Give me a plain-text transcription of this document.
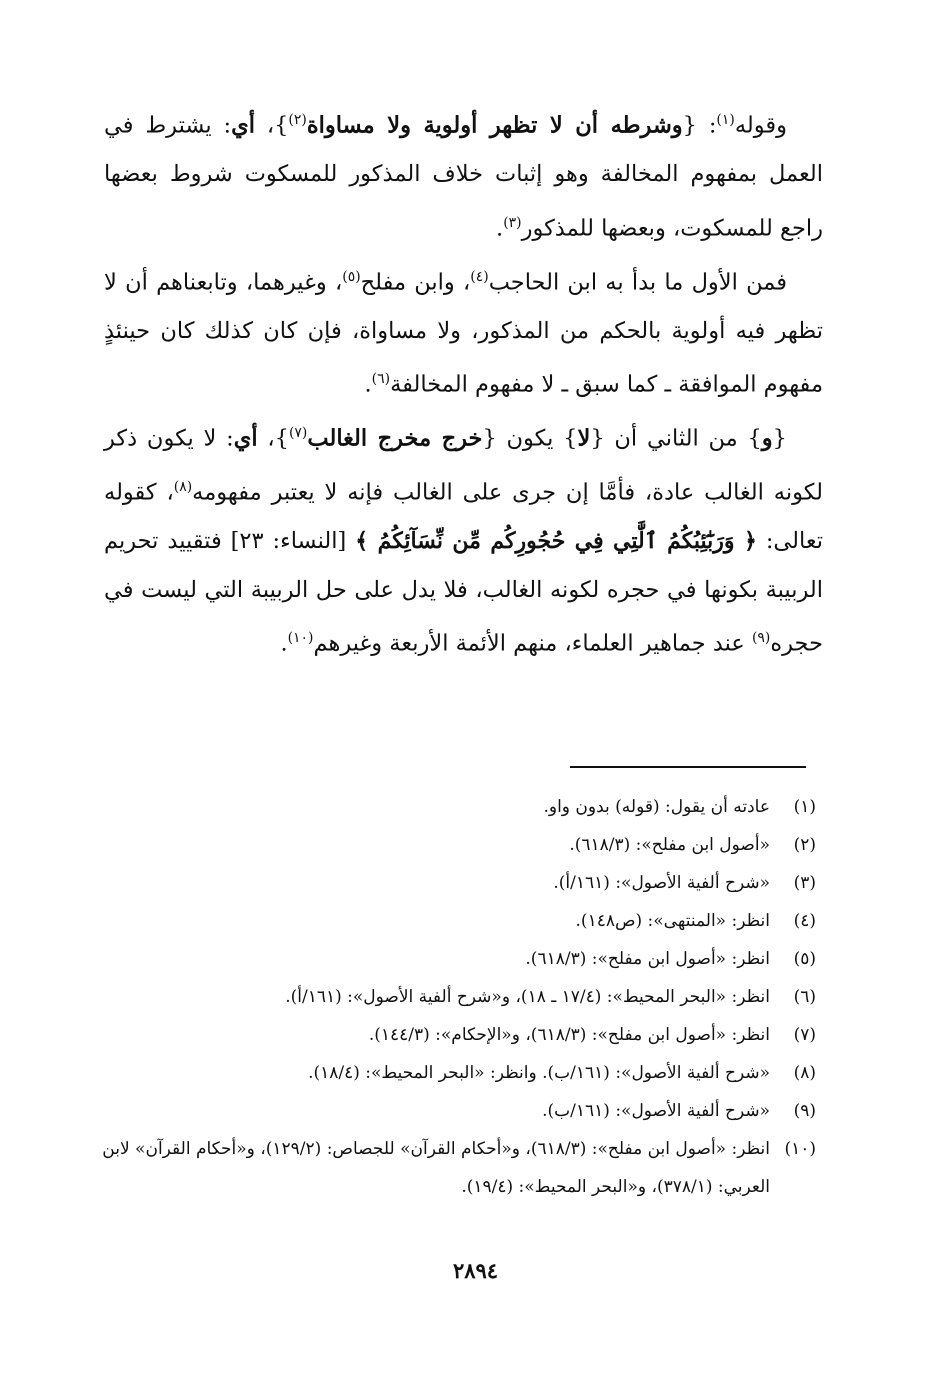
وقوله$^{(١)}$: {وشرطه أن لا تظهر أولوية ولا مساواة$^{(٢)}$}، أي: يشترط في العمل بمفهوم المخالفة وهو إثبات خلاف المذكور للمسكوت شروط بعضها راجع للمسكوت، وبعضها للمذكور$^{(٣)}$.

فمن الأول ما بدأ به ابن الحاجب$^{(٤)}$، وابن مفلح$^{(٥)}$، وغيرهما، وتابعناهم أن لا تظهر فيه أولوية بالحكم من المذكور، ولا مساواة، فإن كان كذلك كان حينئذٍ مفهوم الموافقة ـ كما سبق ـ لا مفهوم المخالفة$^{(٦)}$.

{و} من الثاني أن {لا} يكون {خرج مخرج الغالب$^{(٧)}$}، أي: لا يكون ذكر لكونه الغالب عادة، فأمَّا إن جرى على الغالب فإنه لا يعتبر مفهومه$^{(٨)}$، كقوله تعالى: ﴿ وَرَبَٰٓئِبُكُمُ ٱلَّٰتِي فِي حُجُورِكُم مِّن نِّسَآئِكُمُ ﴾ [النساء: ٢٣] فتقييد تحريم الربيبة بكونها في حجره لكونه الغالب، فلا يدل على حل الربيبة التي ليست في حجره$^{(٩)}$ عند جماهير العلماء، منهم الأئمة الأربعة وغيرهم$^{(١٠)}$.

(١)
عادته أن يقول: (قوله) بدون واو.
(٢)
«أصول ابن مفلح»: (٦١٨/٣).
(٣)
«شرح ألفية الأصول»: (١٦١/أ).
(٤)
انظر: «المنتهى»: (ص١٤٨).
(٥)
انظر: «أصول ابن مفلح»: (٦١٨/٣).
(٦)
انظر: «البحر المحيط»: (١٧/٤ ـ ١٨)، و«شرح ألفية الأصول»: (١٦١/أ).
(٧)
انظر: «أصول ابن مفلح»: (٦١٨/٣)، و«الإحكام»: (١٤٤/٣).
(٨)
«شرح ألفية الأصول»: (١٦١/ب). وانظر: «البحر المحيط»: (١٨/٤).
(٩)
«شرح ألفية الأصول»: (١٦١/ب).
(١٠)
انظر: «أصول ابن مفلح»: (٦١٨/٣)، و«أحكام القرآن» للجصاص: (١٢٩/٢)، و«أحكام القرآن» لابن العربي: (٣٧٨/١)، و«البحر المحيط»: (١٩/٤).
٢٨٩٤
